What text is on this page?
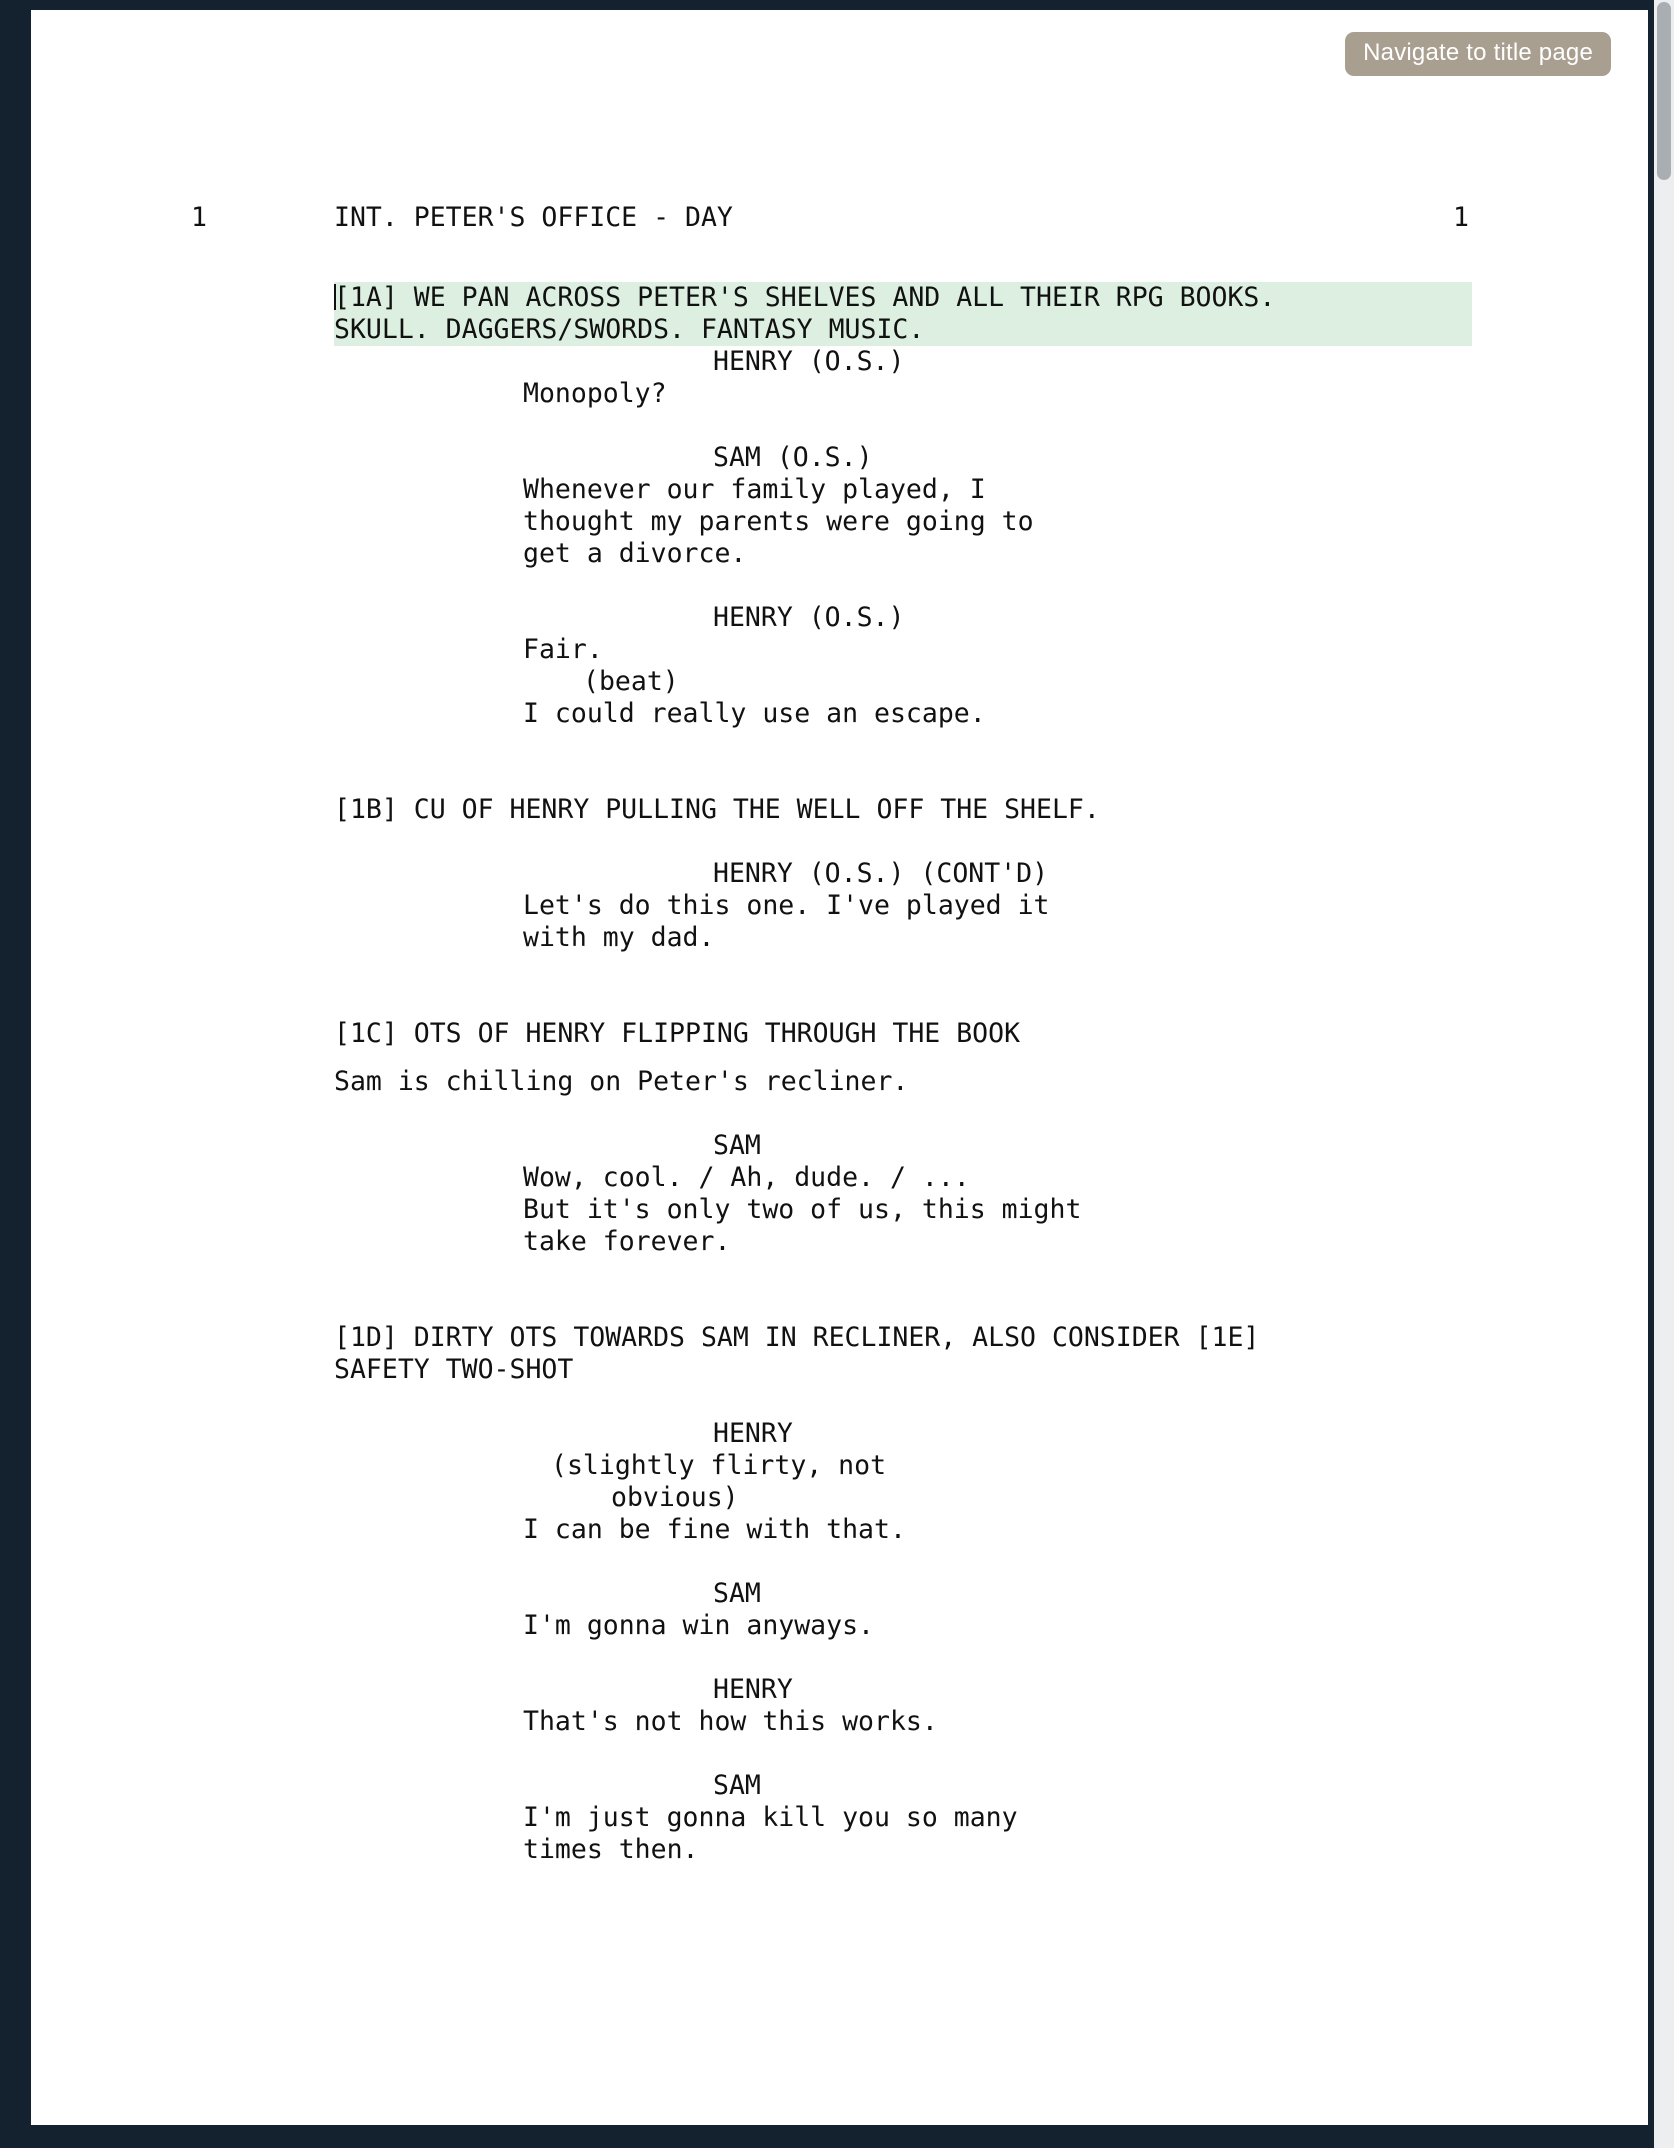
Navigate to title page

1

	INT. PETER'S OFFICE - DAY

	1

[1A] WE PAN ACROSS PETER'S SHELVES AND ALL THEIR RPG BOOKS.
SKULL. DAGGERS/SWORDS. FANTASY MUSIC.
HENRY (O.S.)
Monopoly?
SAM (O.S.)
Whenever our family played, I
thought my parents were going to
get a divorce.
HENRY (O.S.)
Fair.
(beat)
I could really use an escape.
[1B] CU OF HENRY PULLING THE WELL OFF THE SHELF.
HENRY (O.S.) (CONT'D)
Let's do this one. I've played it
with my dad.
[1C] OTS OF HENRY FLIPPING THROUGH THE BOOK
Sam is chilling on Peter's recliner.
SAM
Wow, cool. / Ah, dude. / ...
But it's only two of us, this might
take forever.
[1D] DIRTY OTS TOWARDS SAM IN RECLINER, ALSO CONSIDER [1E]
SAFETY TWO-SHOT
HENRY
(slightly flirty, not
obvious)
I can be fine with that.
SAM
I'm gonna win anyways.
HENRY
That's not how this works.
SAM
I'm just gonna kill you so many
times then.
